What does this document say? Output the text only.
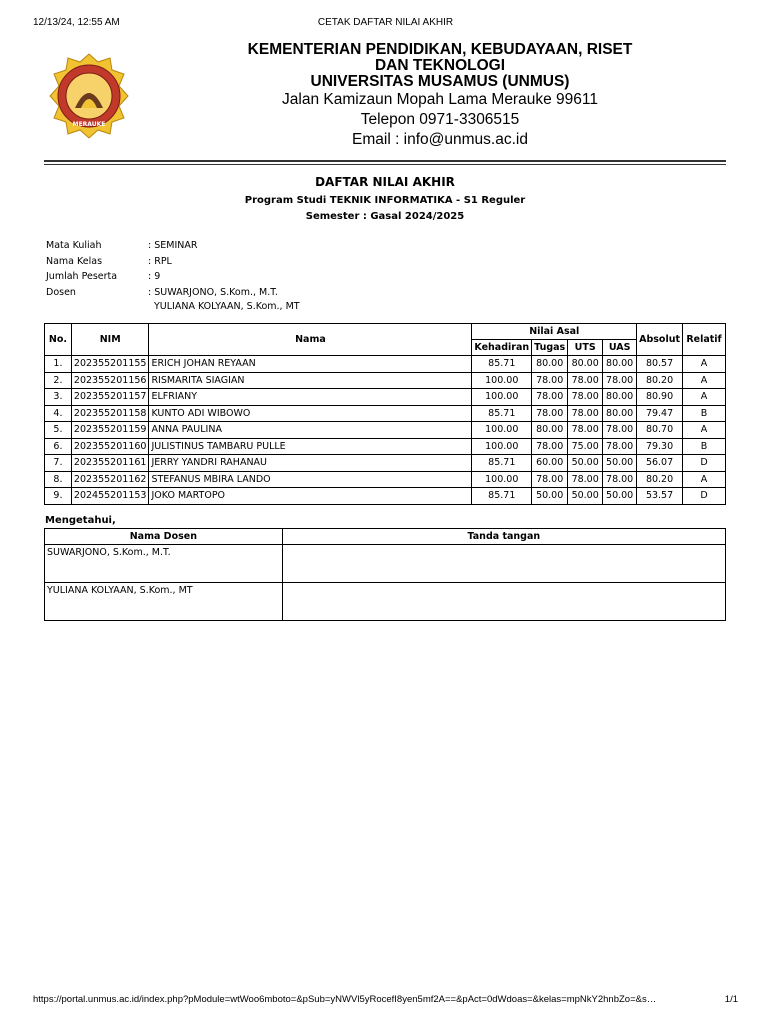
12/13/24, 12:55 AM	CETAK DAFTAR NILAI AKHIR
MERAUKE
KEMENTERIAN PENDIDIKAN, KEBUDAYAAN, RISET
DAN TEKNOLOGI
UNIVERSITAS MUSAMUS (UNMUS)
Jalan Kamizaun Mopah Lama Merauke 99611
Telepon 0971-3306515
Email : info@unmus.ac.id
DAFTAR NILAI AKHIR
Program Studi TEKNIK INFORMATIKA - S1 Reguler
Semester : Gasal 2024/2025
Mata Kuliah	: SEMINAR
Nama Kelas	: RPL
Jumlah Peserta	: 9
Dosen	: SUWARJONO, S.Kom., M.T.
YULIANA KOLYAAN, S.Kom., MT
No.	NIM	Nama	Nilai Asal				Absolut	Relatif
			Kehadiran	Tugas	UTS	UAS		
1.	202355201155	ERICH JOHAN REYAAN	85.71	80.00	80.00	80.00	80.57	A
2.	202355201156	RISMARITA SIAGIAN	100.00	78.00	78.00	78.00	80.20	A
3.	202355201157	ELFRIANY	100.00	78.00	78.00	80.00	80.90	A
4.	202355201158	KUNTO ADI WIBOWO	85.71	78.00	78.00	80.00	79.47	B
5.	202355201159	ANNA PAULINA	100.00	80.00	78.00	78.00	80.70	A
6.	202355201160	JULISTINUS TAMBARU PULLE	100.00	78.00	75.00	78.00	79.30	B
7.	202355201161	JERRY YANDRI RAHANAU	85.71	60.00	50.00	50.00	56.07	D
8.	202355201162	STEFANUS MBIRA LANDO	100.00	78.00	78.00	78.00	80.20	A
9.	202455201153	JOKO MARTOPO	85.71	50.00	50.00	50.00	53.57	D
Mengetahui,
Nama Dosen	Tanda tangan
SUWARJONO, S.Kom., M.T.	
YULIANA KOLYAAN, S.Kom., MT	
https://portal.unmus.ac.id/index.php?pModule=wtWoo6mboto=&pSub=yNWVl5yRocefI8yen5mf2A==&pAct=0dWdoas=&kelas=mpNkY2hnbZo=&s…	1/1
